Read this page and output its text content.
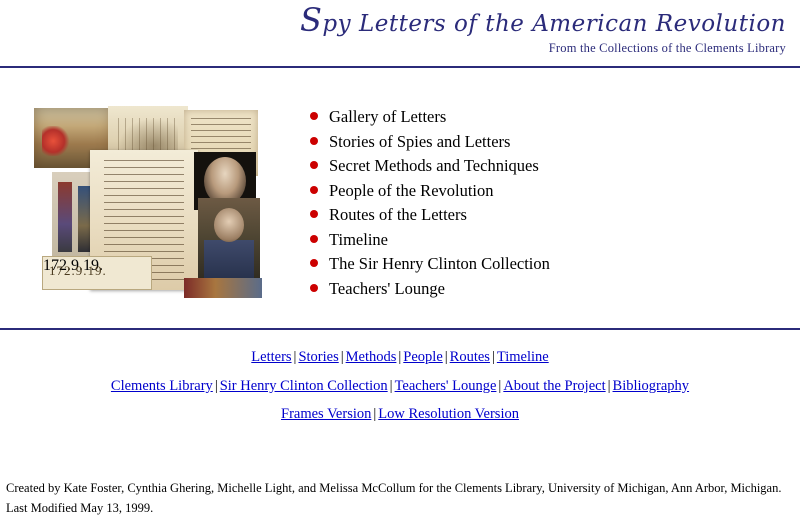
Spy Letters of the American Revolution
From the Collections of the Clements Library
172.9.19. 172.9.19.
Gallery of Letters
Stories of Spies and Letters
Secret Methods and Techniques
People of the Revolution
Routes of the Letters
Timeline
The Sir Henry Clinton Collection
Teachers' Lounge
Letters | Stories | Methods | People | Routes | Timeline
Clements Library | Sir Henry Clinton Collection | Teachers' Lounge | About the Project | Bibliography
Frames Version | Low Resolution Version
Created by Kate Foster, Cynthia Ghering, Michelle Light, and Melissa McCollum for the Clements Library, University of Michigan, Ann Arbor, Michigan.
Last Modified May 13, 1999.
